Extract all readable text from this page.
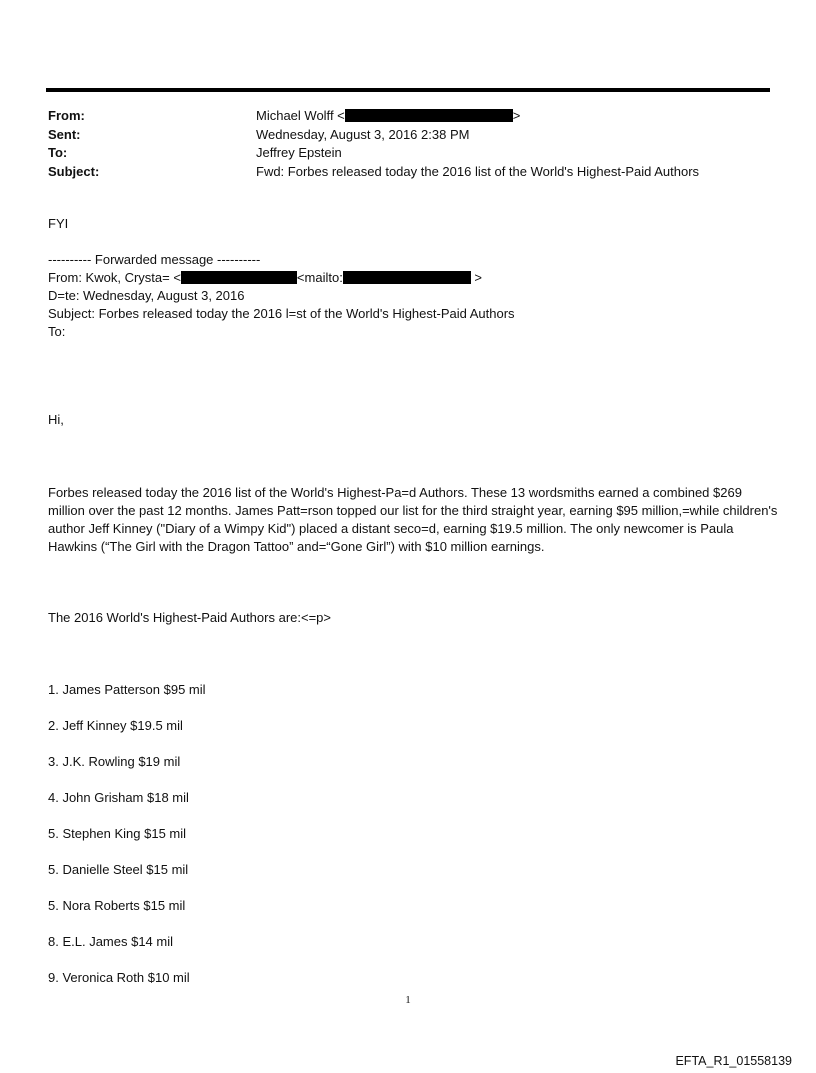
From:	Michael Wolff <	>
Sent:	Wednesday, August 3, 2016 2:38 PM
To:	Jeffrey Epstein
Subject:	Fwd: Forbes released today the 2016 list of the World's Highest-Paid Authors
FYI
---------- Forwarded message ----------
From: Kwok, Crysta= <	<mailto:	>
D=te: Wednesday, August 3, 2016
Subject: Forbes released today the 2016 l=st of the World's Highest-Paid Authors
To:
Hi,
Forbes released today the 2016 list of the World's Highest-Pa=d Authors. These 13 wordsmiths earned a combined $269 million over the past 12 months. James Patt=rson topped our list for the third straight year, earning $95 million,=while children's author Jeff Kinney ("Diary of a Wimpy Kid") placed a distant seco=d, earning $19.5 million. The only newcomer is Paula Hawkins (“The Girl with the Dragon Tattoo” and=“Gone Girl”) with $10 million earnings.
The 2016 World's Highest-Paid Authors are:<=p>
1. James Patterson $95 mil
2. Jeff Kinney $19.5 mil
3. J.K. Rowling $19 mil
4. John Grisham $18 mil
5. Stephen King $15 mil
5. Danielle Steel $15 mil
5. Nora Roberts $15 mil
8. E.L. James $14 mil
9. Veronica Roth $10 mil
1
EFTA_R1_01558139
